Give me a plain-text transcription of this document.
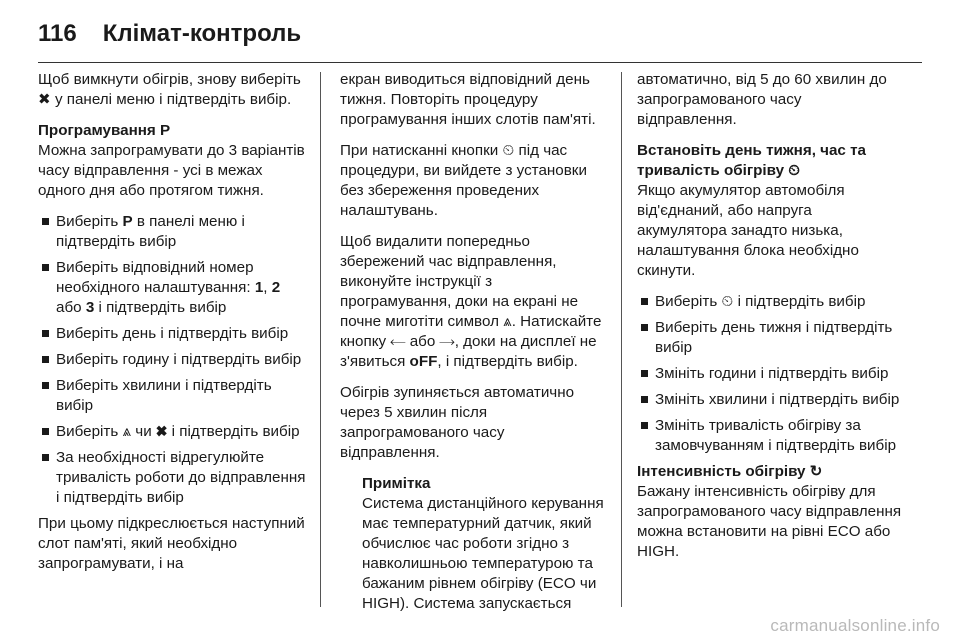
116 Клімат-контроль

Щоб вимкнути обігрів, знову виберіть ✖ у панелі меню і підтвердіть вибір.

Програмування P

Можна запрограмувати до 3 варіантів часу відправлення - усі в межах одного дня або протягом тижня.

Виберіть P в панелі меню і підтвердіть вибір
Виберіть відповідний номер необхідного налаштування: 1, 2 або 3 і підтвердіть вибір
Виберіть день і підтвердіть вибір
Виберіть годину і підтвердіть вибір
Виберіть хвилини і підтвердіть вибір
Виберіть ⩓ чи ✖ і підтвердіть вибір
За необхідності відрегулюйте тривалість роботи до відправлення і підтвердіть вибір

При цьому підкреслюється наступний слот пам'яті, який необхідно запрограмувати, і на

екран виводиться відповідний день тижня. Повторіть процедуру програмування інших слотів пам'яті.

При натисканні кнопки ⏲ під час процедури, ви вийдете з установки без збереження проведених налаштувань.

Щоб видалити попередньо збережений час відправлення, виконуйте інструкції з програмування, доки на екрані не почне миготіти символ ⩓. Натискайте кнопку ⟵ або ⟶, доки на дисплеї не з'явиться oFF, і підтвердіть вибір.

Обігрів зупиняється автоматично через 5 хвилин після запрограмованого часу відправлення.

Примітка

Система дистанційного керування має температурний датчик, який обчислює час роботи згідно з навколишньою температурою та бажаним рівнем обігріву (ECO чи HIGH). Система запускається

автоматично, від 5 до 60 хвилин до запрограмованого часу відправлення.

Встановіть день тижня, час та тривалість обігріву ⏲

Якщо акумулятор автомобіля від'єднаний, або напруга акумулятора занадто низька, налаштування блока необхідно скинути.

Виберіть ⏲ і підтвердіть вибір
Виберіть день тижня і підтвердіть вибір
Змініть години і підтвердіть вибір
Змініть хвилини і підтвердіть вибір
Змініть тривалість обігріву за замовчуванням і підтвердіть вибір

Інтенсивність обігріву ↻

Бажану інтенсивність обігріву для запрограмованого часу відправлення можна встановити на рівні ECO або HIGH.

carmanualsonline.info
